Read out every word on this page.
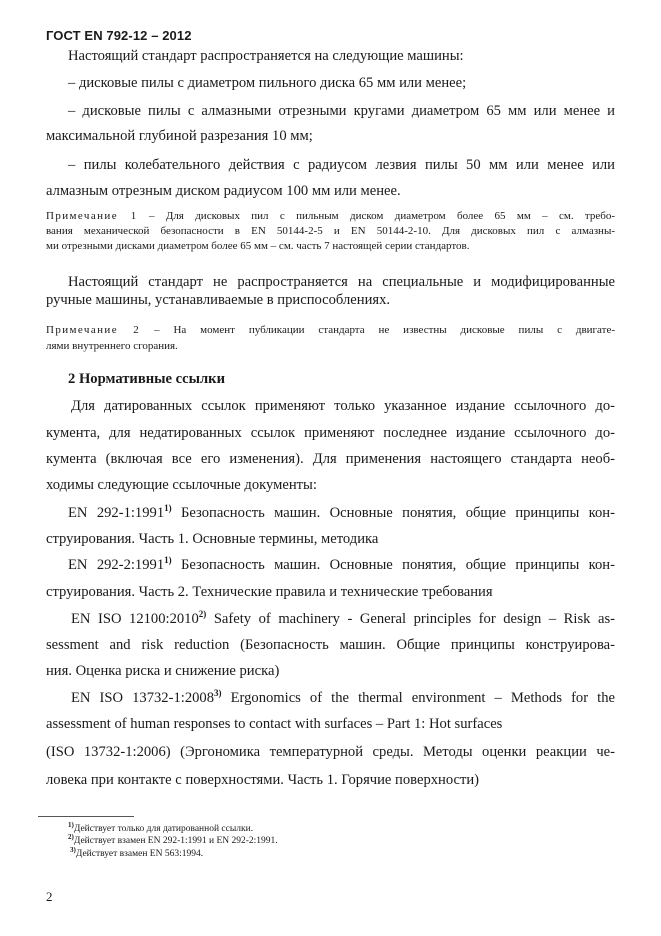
ГОСТ EN 792-12 – 2012
Настоящий стандарт распространяется на следующие машины:
– дисковые пилы с диаметром пильного диска 65 мм или менее;
– дисковые пилы с алмазными отрезными кругами диаметром 65 мм или менее и
максимальной глубиной разрезания 10 мм;
– пилы колебательного действия с радиусом лезвия пилы 50 мм или менее или
алмазным отрезным диском радиусом 100 мм или менее.
Примечание 1 – Для дисковых пил с пильным диском диаметром более 65 мм – см. требо-
вания механической безопасности в EN 50144-2-5 и EN 50144-2-10. Для дисковых пил с алмазны-
ми отрезными дисками диаметром более 65 мм – см. часть 7 настоящей серии стандартов.
Настоящий стандарт не распространяется на специальные и модифицированные
ручные машины, устанавливаемые в приспособлениях.
Примечание 2 – На момент публикации стандарта не известны дисковые пилы с двигате-
лями внутреннего сгорания.
2 Нормативные ссылки
Для датированных ссылок применяют только указанное издание ссылочного до-
кумента, для недатированных ссылок применяют последнее издание ссылочного до-
кумента (включая все его изменения). Для применения настоящего стандарта необ-
ходимы следующие ссылочные документы:
EN 292-1:1991$^{1)}$ Безопасность машин. Основные понятия, общие принципы кон-
струирования. Часть 1. Основные термины, методика
EN 292-2:1991$^{1)}$ Безопасность машин. Основные понятия, общие принципы кон-
струирования. Часть 2. Технические правила и технические требования
EN ISO 12100:2010$^{2)}$ Safety of machinery - General principles for design – Risk as-
sessment and risk reduction (Безопасность машин. Общие принципы конструирова-
ния. Оценка риска и снижение риска)
EN ISO 13732-1:2008$^{3)}$ Ergonomics of the thermal environment – Methods for the
assessment of human responses to contact with surfaces – Part 1: Hot surfaces
(ISO 13732-1:2006) (Эргономика температурной среды. Методы оценки реакции че-
ловека при контакте с поверхностями. Часть 1. Горячие поверхности)
$^{1)}$Действует только для датированной ссылки.
$^{2)}$Действует взамен EN 292-1:1991 и EN 292-2:1991.
$^{3)}$Действует взамен EN 563:1994.
2
